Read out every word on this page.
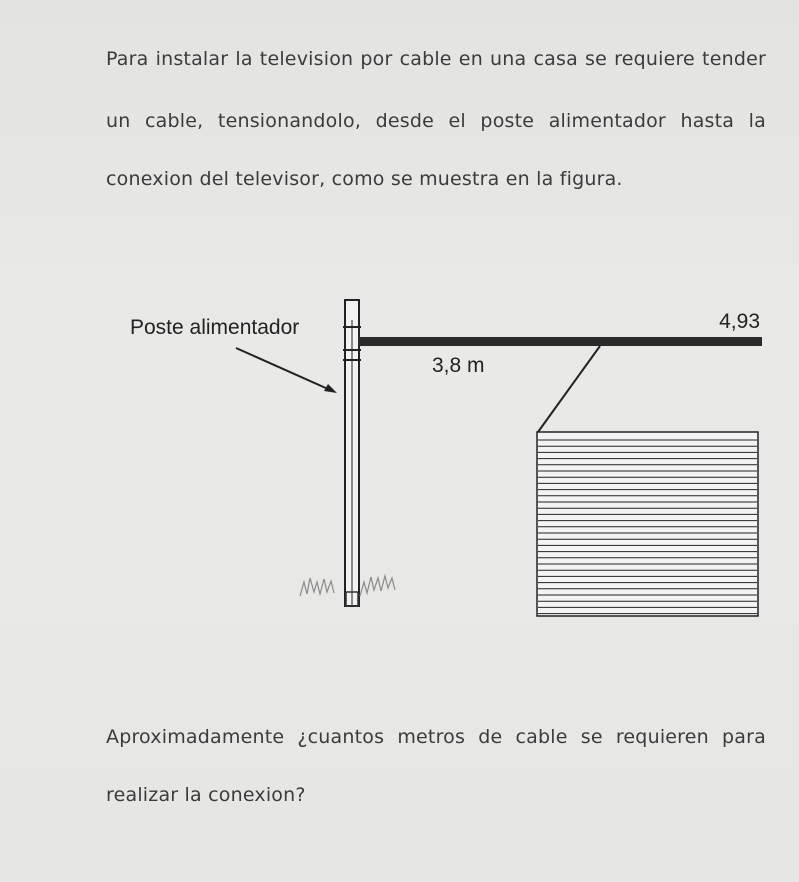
Para instalar la television por cable en una casa se requiere tender
un cable, tensionandolo, desde el poste alimentador hasta la
conexion del televisor, como se muestra en la figura.
Poste alimentador	4,93
3,8 m
Aproximadamente ¿cuantos metros de cable se requieren para
realizar la conexion?
